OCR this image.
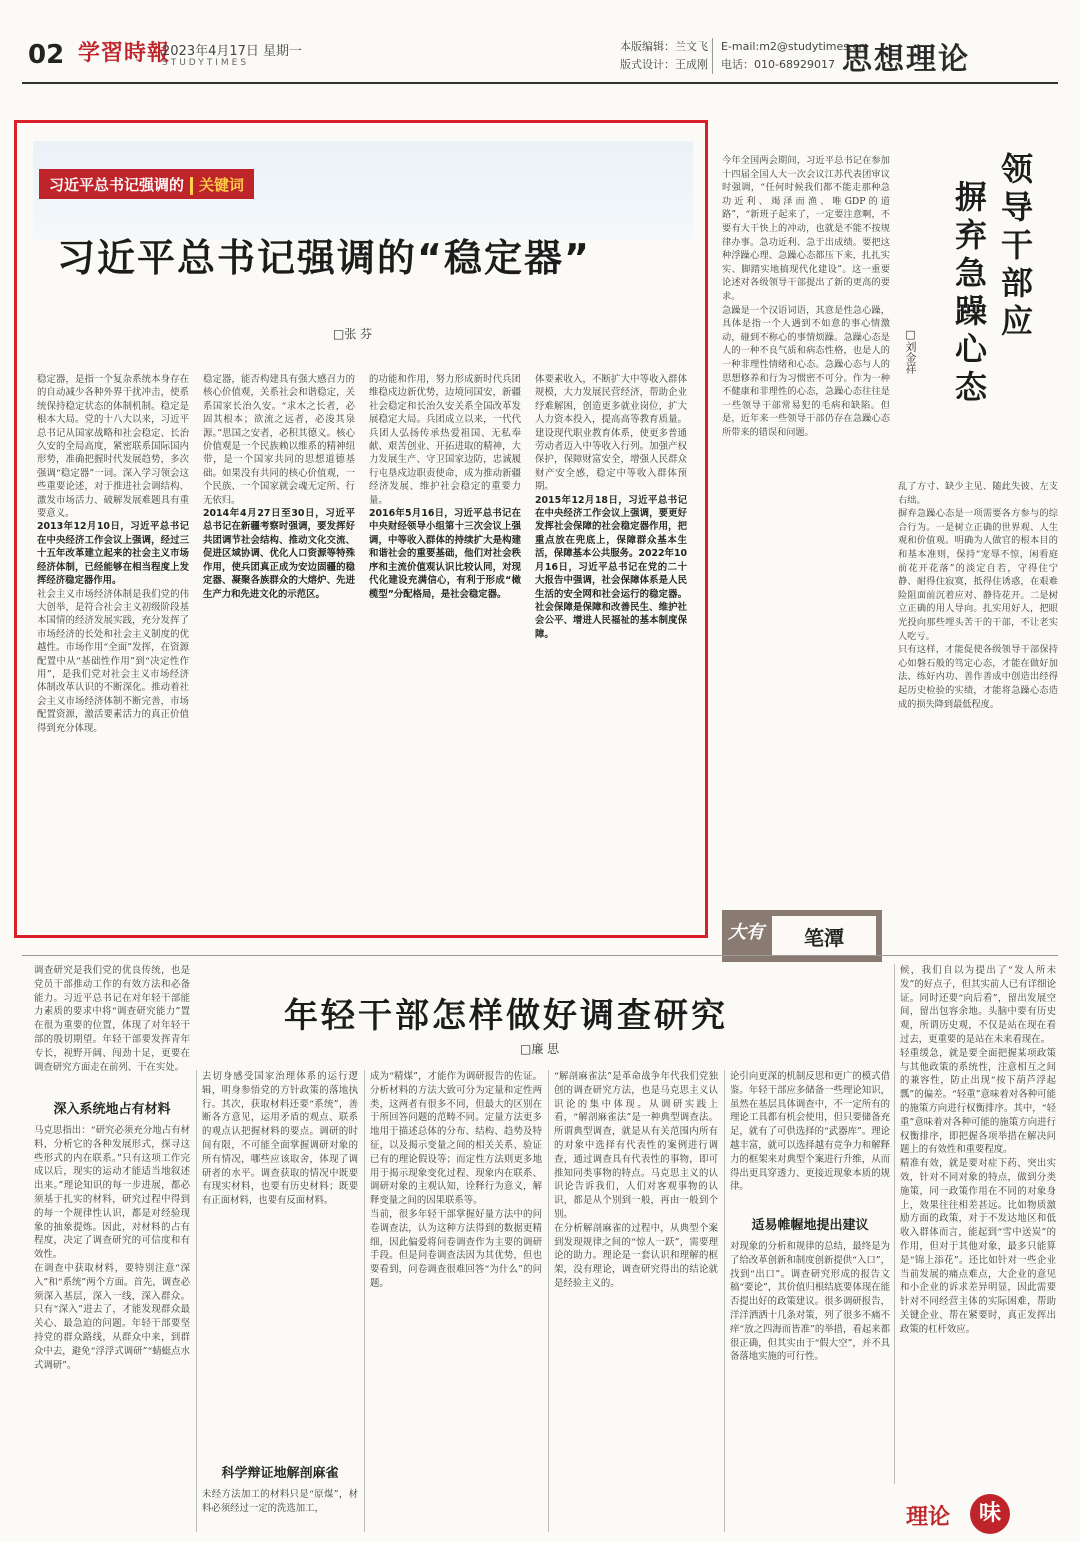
02 学習時報
2023年4月17日 星期一
STUDYTIMES
本版编辑：兰文飞
版式设计：王成刚
E-mail:m2@studytimes.cn
电话：010-68929017 思想理论
习近平总书记强调的 关键词
习近平总书记强调的“稳定器”
□张 芬

稳定器，是指一个复杂系统本身存在的自动减少各种外界干扰冲击，使系统保持稳定状态的体制机制。稳定是根本大局。党的十八大以来，习近平总书记从国家战略和社会稳定、长治久安的全局高度，紧密联系国际国内形势，准确把握时代发展趋势，多次强调“稳定器”一词。深入学习领会这些重要论述，对于推进社会调结构、激发市场活力、破解发展难题具有重要意义。

2013年12月10日，习近平总书记在中央经济工作会议上强调，经过三十五年改革建立起来的社会主义市场经济体制，已经能够在相当程度上发挥经济稳定器作用。

社会主义市场经济体制是我们党的伟大创举，是符合社会主义初级阶段基本国情的经济发展实践，充分发挥了市场经济的长处和社会主义制度的优越性。市场作用“全面”发挥，在资源配置中从“基础性作用”到“决定性作用”，是我们党对社会主义市场经济体制改革认识的不断深化。推动着社会主义市场经济体制不断完善，市场配置资源，激活要素活力的真正价值得到充分体现。

稳定器，能否构建具有强大感召力的核心价值观，关系社会和谐稳定，关系国家长治久安。“求木之长者，必固其根本；欲流之远者，必浚其泉源。”思国之安者，必积其德义。核心价值观是一个民族赖以维系的精神纽带，是一个国家共同的思想道德基础。如果没有共同的核心价值观，一个民族、一个国家就会魂无定所、行无依归。

2014年4月27日至30日，习近平总书记在新疆考察时强调，要发挥好共团调节社会结构、推动文化交流、促进区域协调、优化人口资源等特殊作用，使兵团真正成为安边固疆的稳定器、凝聚各族群众的大熔炉、先进生产力和先进文化的示范区。

的功能和作用，努力形成新时代兵团维稳戍边新优势，边境同国安，新疆社会稳定和长治久安关系全国改革发展稳定大局。兵团成立以来，一代代兵团人弘扬传承热爱祖国、无私奉献、艰苦创业、开拓进取的精神，大力发展生产、守卫国家边防，忠诚履行屯垦戍边职责使命，成为推动新疆经济发展、维护社会稳定的重要力量。

2016年5月16日，习近平总书记在中央财经领导小组第十三次会议上强调，中等收入群体的持续扩大是构建和谐社会的重要基础，他们对社会秩序和主流价值观认识比较认同，对现代化建设充满信心，有利于形成“橄榄型”分配格局，是社会稳定器。

体要素收入，不断扩大中等收入群体规模，大力发展民营经济，帮助企业纾难解困，创造更多就业岗位，扩大人力资本投入，提高高等教育质量。建设现代职业教育体系，使更多普通劳动者迈入中等收入行列。加强产权保护，保障财富安全，增强人民群众财产安全感，稳定中等收入群体预期。

2015年12月18日，习近平总书记在中央经济工作会议上强调，要更好发挥社会保障的社会稳定器作用，把重点放在兜底上，保障群众基本生活，保障基本公共服务。2022年10月16日，习近平总书记在党的二十大报告中强调，社会保障体系是人民生活的安全网和社会运行的稳定器。社会保障是保障和改善民生、维护社会公平、增进人民福祉的基本制度保障。

领导干部应
摒弃急躁心态
□刘金祥

今年全国两会期间，习近平总书记在参加十四届全国人大一次会议江苏代表团审议时强调，“任何时候我们都不能走那种急功近利、竭泽而渔、唯GDP的道路”，“新班子起来了，一定要注意啊，不要有大干快上的冲动，也就是不能不按规律办事。急功近利、急于出成绩。要把这种浮躁心理、急躁心态都压下来，扎扎实实、脚踏实地搞现代化建设”。这一重要论述对各级领导干部提出了新的更高的要求。

急躁是一个汉语词语，其意是性急心躁，具体是指一个人遇到不如意的事心情激动，碰到不称心的事情烦躁。急躁心态是人的一种不良气质和病态性格，也是人的一种非理性情绪和心态。急躁心态与人的思想修养和行为习惯密不可分。作为一种不健康和非理性的心态，急躁心态往往是一些领导干部常易犯的毛病和缺陷。但是，近年来一些领导干部仍存在急躁心态所带来的错误和问题。

乱了方寸、缺少主见、随此失彼、左支右绌。

摒弃急躁心态是一项需要各方参与的综合行为。一是树立正确的世界观、人生观和价值观。明确为人做官的根本目的和基本准则，保持“宠辱不惊，闲看庭前花开花落”的淡定自若，守得住宁静、耐得住寂寞，抵得住诱惑，在艰难险阻面前沉着应对、静待花开。二是树立正确的用人导向。扎实用好人，把眼光投向那些埋头苦干的干部，不让老实人吃亏。

只有这样，才能促使各级领导干部保持心如磐石般的笃定心态，才能在做好加法、练好内功、善作善成中创造出经得起历史检验的实绩，才能将急躁心态造成的损失降到最低程度。

大有	笔潭
年轻干部怎样做好调查研究
□廉 思
调查研究是我们党的优良传统，也是党员干部推动工作的有效方法和必备能力。习近平总书记在对年轻干部能力素质的要求中将“调查研究能力”置在很为重要的位置，体现了对年轻干部的殷切期望。年轻干部要发挥青年专长，视野开阔、闯劲十足，更要在调查研究方面走在前列、干在实处。
深入系统地占有材料

马克思指出：“研究必须充分地占有材料，分析它的各种发展形式，探寻这些形式的内在联系。”只有这项工作完成以后，现实的运动才能适当地叙述出来。”理论知识的每一步进展，都必须基于扎实的材料，研究过程中得到的每一个规律性认识，都是对经验现象的抽象提炼。因此，对材料的占有程度，决定了调查研究的可信度和有效性。

在调查中获取材料，要特别注意“深入”和“系统”两个方面。首先，调查必须深入基层，深入一线，深入群众。只有“深入”进去了，才能发现群众最关心、最急迫的问题。年轻干部要坚持党的群众路线，从群众中来，到群众中去，避免“浮浮式调研”“蜻蜓点水式调研”。

去切身感受国家治理体系的运行逻辑，明身参悟党的方针政策的落地执行。其次，获取材料还要“系统”，善断各方意见，运用矛盾的观点、联系的观点认把握材料的要点。调研的时间有限，不可能全面掌握调研对象的所有情况，哪些应该取舍，体现了调研者的水平。调查获取的情况中既要有现实材料，也要有历史材料；既要有正面材料，也要有反面材料。

科学辩证地解剖麻雀
未经方法加工的材料只是“原煤”，材料必须经过一定的洗选加工，

成为“精煤”，才能作为调研报告的佐证。分析材料的方法大致可分为定量和定性两类，这两者有很多不同，但最大的区别在于所回答问题的范畴不同。定量方法更多地用于描述总体的分布、结构、趋势及特征，以及揭示变量之间的相关关系、验证已有的理论假设等；而定性方法则更多地用于揭示现象变化过程、现象内在联系、调研对象的主观认知，诠释行为意义，解释变量之间的因果联系等。

当前，很多年轻干部掌握好量方法中的问卷调查法，认为这种方法得到的数据更精细，因此偏爱将问卷调查作为主要的调研手段。但是问卷调查法因为其优势，但也要看到，问卷调查很难回答“为什么”的问题。

“解剖麻雀法”是革命战争年代我们党独创的调查研究方法，也是马克思主义认识论的集中体现。从调研实践上看，“解剖麻雀法”是一种典型调查法。所谓典型调查，就是从有关范围内所有的对象中选择有代表性的案例进行调查，通过调查具有代表性的事物，即可推知同类事物的特点。马克思主义的认识论告诉我们，人们对客观事物的认识，都是从个别到一般，再由一般到个别。

在分析解剖麻雀的过程中，从典型个案到发现规律之间的“惊人一跃”，需要理论的助力。理论是一套认识和理解的框架，没有理论，调查研究得出的结论就是经验主义的。

论引向更深的机制反思和更广的模式借鉴。年轻干部应多储备一些理论知识，虽然在基层具体调查中，不一定所有的理论工具都有机会使用，但只要储备充足，就有了可供选择的“武器库”。理论越丰富，就可以选择越有竞争力和解释力的框架来对典型个案进行升维，从而得出更具穿透力、更接近现象本质的规律。
适易帷幄地提出建议
对现象的分析和规律的总结，最终是为了给改革创新和制度创新提供“入口”，找到“出口”。调查研究形成的报告文稿“要论”，其价值归根结底要体现在能否提出好的政策建议。很多调研报告，洋洋洒洒十几条对策，列了很多不痛不痒“放之四海而皆准”的举措，看起来都很正确，但其实由于“假大空”，并不具备落地实施的可行性。

候，我们自以为提出了“发人所未发”的好点子，但其实前人已有详细论证。同时还要“向后看”，留出发展空间，留出包容余地。头脑中要有历史观，所谓历史观，不仅是站在现在看过去，更重要的是站在未来看现在。

轻重缓急，就是要全面把握某项政策与其他政策的系统性，注意相互之间的兼容性，防止出现“按下葫芦浮起瓢”的偏差。“轻重”意味着对各种可能的施策方向进行权衡排序。其中，“轻重”意味着对各种可能的施策方向进行权衡排序，即把握各项举措在解决问题上的有效性和重要程度。

精准有效，就是要对症下药、突出实效，针对不同对象的特点，做到分类施策，同一政策作用在不同的对象身上，效果往往相差甚远。比如物质激励方面的政策，对于不发达地区和低收入群体而言，能起到“雪中送炭”的作用，但对于其他对象，最多只能算是“锦上添花”。还比如针对一些企业当前发展的痛点难点，大企业的意见和小企业的诉求差异明显，因此需要针对不同经营主体的实际困难，帮助关键企业、帮在紧要时，真正发挥出政策的杠杆效应。

理论	味
